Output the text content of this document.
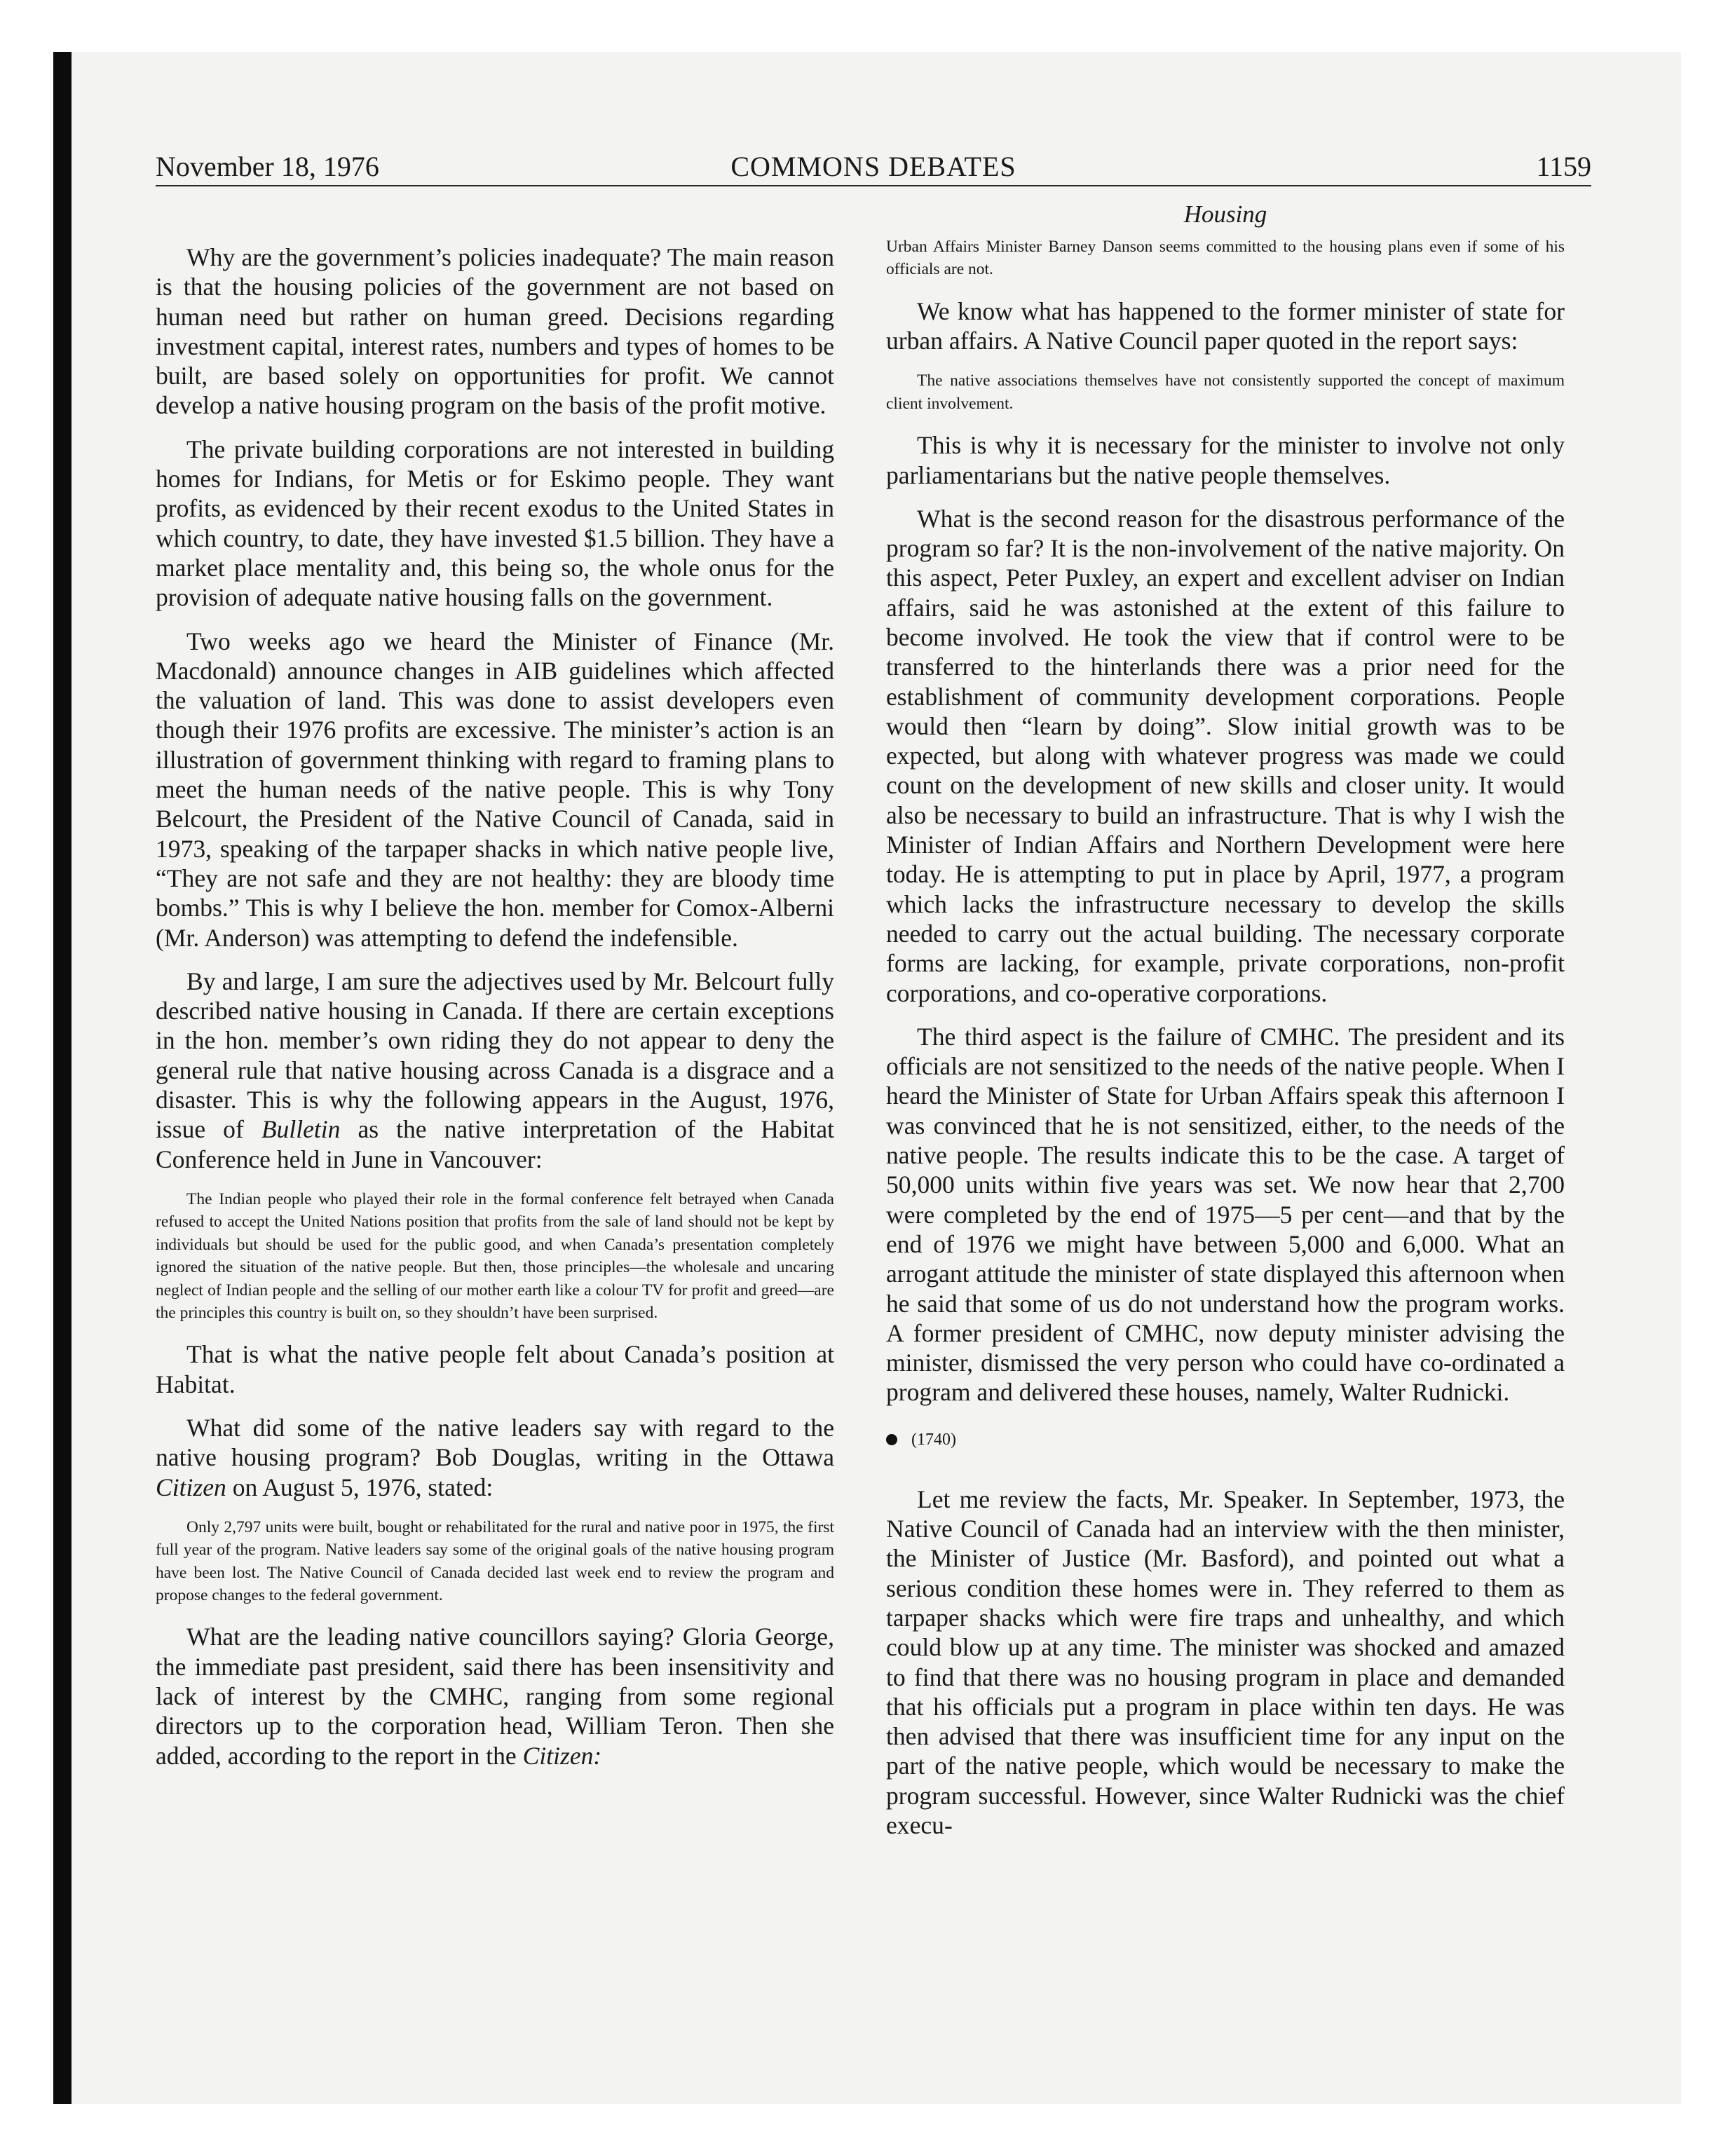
November 18, 1976	COMMONS DEBATES	1159

Why are the government’s policies inadequate? The main reason is that the housing policies of the government are not based on human need but rather on human greed. Decisions regarding investment capital, interest rates, numbers and types of homes to be built, are based solely on opportunities for profit. We cannot develop a native housing program on the basis of the profit motive.

The private building corporations are not interested in building homes for Indians, for Metis or for Eskimo people. They want profits, as evidenced by their recent exodus to the United States in which country, to date, they have invested $1.5 billion. They have a market place mentality and, this being so, the whole onus for the provision of adequate native housing falls on the government.

Two weeks ago we heard the Minister of Finance (Mr. Macdonald) announce changes in AIB guidelines which affected the valuation of land. This was done to assist developers even though their 1976 profits are excessive. The minister’s action is an illustration of government thinking with regard to framing plans to meet the human needs of the native people. This is why Tony Belcourt, the President of the Native Council of Canada, said in 1973, speaking of the tarpaper shacks in which native people live, “They are not safe and they are not healthy: they are bloody time bombs.” This is why I believe the hon. member for Comox-Alberni (Mr. Anderson) was attempting to defend the indefensible.

By and large, I am sure the adjectives used by Mr. Belcourt fully described native housing in Canada. If there are certain exceptions in the hon. member’s own riding they do not appear to deny the general rule that native housing across Canada is a disgrace and a disaster. This is why the following appears in the August, 1976, issue of Bulletin as the native interpretation of the Habitat Conference held in June in Vancouver:

The Indian people who played their role in the formal conference felt betrayed when Canada refused to accept the United Nations position that profits from the sale of land should not be kept by individuals but should be used for the public good, and when Canada’s presentation completely ignored the situation of the native people. But then, those principles—the wholesale and uncaring neglect of Indian people and the selling of our mother earth like a colour TV for profit and greed—are the principles this country is built on, so they shouldn’t have been surprised.

That is what the native people felt about Canada’s position at Habitat.

What did some of the native leaders say with regard to the native housing program? Bob Douglas, writing in the Ottawa Citizen on August 5, 1976, stated:

Only 2,797 units were built, bought or rehabilitated for the rural and native poor in 1975, the first full year of the program. Native leaders say some of the original goals of the native housing program have been lost. The Native Council of Canada decided last week end to review the program and propose changes to the federal government.

What are the leading native councillors saying? Gloria George, the immediate past president, said there has been insensitivity and lack of interest by the CMHC, ranging from some regional directors up to the corporation head, William Teron. Then she added, according to the report in the Citizen:

Housing

Urban Affairs Minister Barney Danson seems committed to the housing plans even if some of his officials are not.

We know what has happened to the former minister of state for urban affairs. A Native Council paper quoted in the report says:

The native associations themselves have not consistently supported the concept of maximum client involvement.

This is why it is necessary for the minister to involve not only parliamentarians but the native people themselves.

What is the second reason for the disastrous performance of the program so far? It is the non-involvement of the native majority. On this aspect, Peter Puxley, an expert and excellent adviser on Indian affairs, said he was astonished at the extent of this failure to become involved. He took the view that if control were to be transferred to the hinterlands there was a prior need for the establishment of community development corporations. People would then “learn by doing”. Slow initial growth was to be expected, but along with whatever progress was made we could count on the development of new skills and closer unity. It would also be necessary to build an infrastructure. That is why I wish the Minister of Indian Affairs and Northern Development were here today. He is attempting to put in place by April, 1977, a program which lacks the infrastructure necessary to develop the skills needed to carry out the actual building. The necessary corporate forms are lacking, for example, private corporations, non-profit corporations, and co-operative corporations.

The third aspect is the failure of CMHC. The president and its officials are not sensitized to the needs of the native people. When I heard the Minister of State for Urban Affairs speak this afternoon I was convinced that he is not sensitized, either, to the needs of the native people. The results indicate this to be the case. A target of 50,000 units within five years was set. We now hear that 2,700 were completed by the end of 1975—5 per cent—and that by the end of 1976 we might have between 5,000 and 6,000. What an arrogant attitude the minister of state displayed this afternoon when he said that some of us do not understand how the program works. A former president of CMHC, now deputy minister advising the minister, dismissed the very person who could have co-ordinated a program and delivered these houses, namely, Walter Rudnicki.

(1740)

Let me review the facts, Mr. Speaker. In September, 1973, the Native Council of Canada had an interview with the then minister, the Minister of Justice (Mr. Basford), and pointed out what a serious condition these homes were in. They referred to them as tarpaper shacks which were fire traps and unhealthy, and which could blow up at any time. The minister was shocked and amazed to find that there was no housing program in place and demanded that his officials put a program in place within ten days. He was then advised that there was insufficient time for any input on the part of the native people, which would be necessary to make the program successful. However, since Walter Rudnicki was the chief execu-
